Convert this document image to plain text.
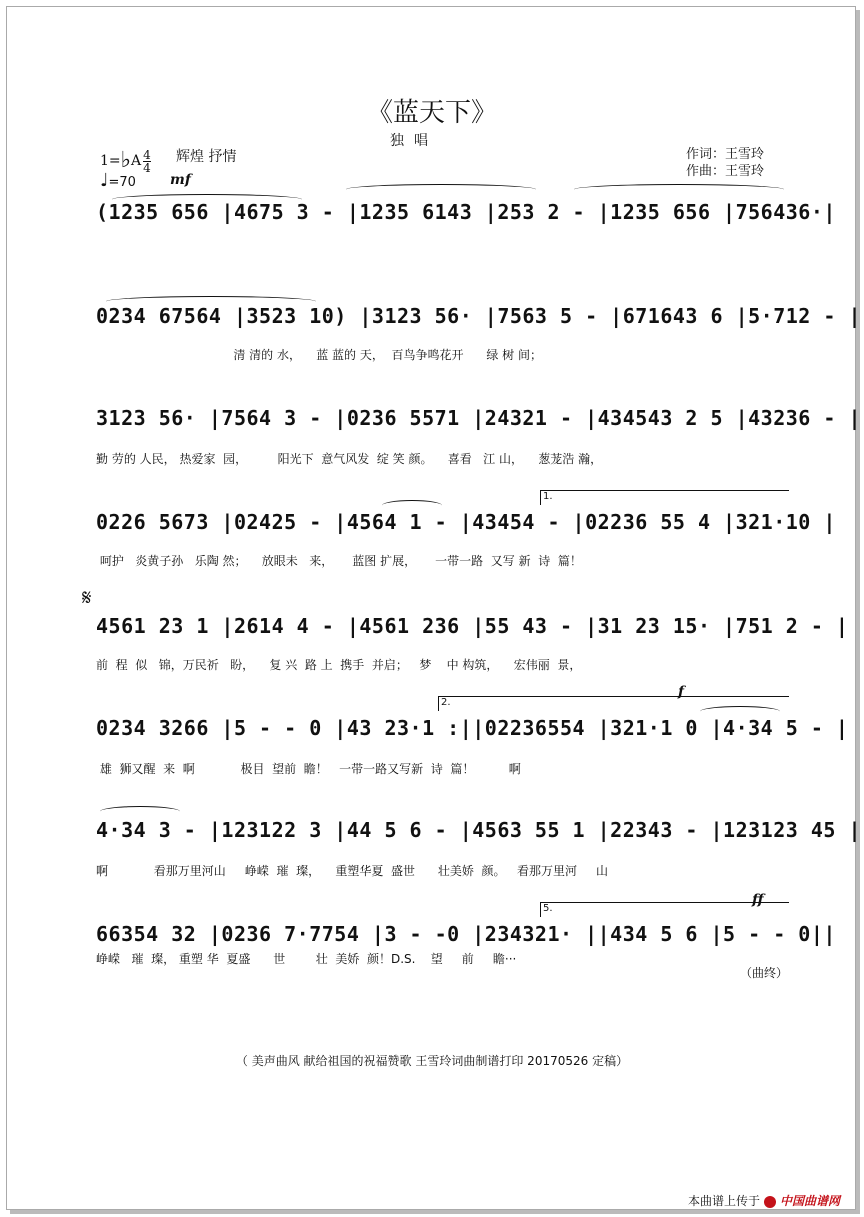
《蓝天下》
独唱
1=♭A $\frac{4}{4}$ 辉煌 抒情
♩=70 mf
作词：王雪玲
作曲：王雪玲
(1235 656 |4675 3 - |1235 6143 |253 2 - |1235 656 |756436·|
0234 67564 |3523 10) |3123 56· |7563 5 - |671643 6 |5·712 - |
清 清的 水，    蓝 蓝的 天，  百鸟争鸣花开      绿 树 间；
3123 56· |7564 3 - |0236 5571 |24321 - |434543 2 5 |43236 - |
勤 劳的 人民， 热爱家  园，        阳光下  意气风发  绽 笑 颜。    喜看   江 山，    葱茏浩 瀚，
1.
0226 5673 |02425 - |4564 1 - |43454 - |02236 55 4 |321·10 |
呵护   炎黄子孙   乐陶 然；    放眼未   来，     蓝图 扩展，     一带一路  又写 新  诗  篇！
𝄋
4561 23 1 |2614 4 - |4561 236 |55 43 - |31 23 15· |751 2 - |
前  程  似   锦，万民祈   盼，    复 兴  路 上  携手  并启；   梦    中 构筑，    宏伟丽  景，
2.
f
0234 3266 |5 - - 0 |43 23·1 :||02236554 |321·1 0 |4·34 5 - |
雄  狮又醒  来  啊            极目  望前  瞻！   一带一路又写新  诗  篇！         啊
4·34 3 - |123122 3 |44 5 6 - |4563 55 1 |22343 - |123123 45 |
啊            看那万里河山     峥嵘  璀  璨，    重塑华夏  盛世      壮美娇  颜。   看那万里河     山
5.
ff
66354 32 |0236 7·7754 |3 - -0 |234321· ||434 5 6 |5 - - 0||
峥嵘   璀  璨， 重塑 华  夏盛      世        壮  美娇  颜！D.S.    望     前     瞻···
（曲终）
（ 美声曲风 献给祖国的祝福赞歌 王雪玲词曲制谱打印 20170526 定稿）
本曲谱上传于 中国曲谱网
